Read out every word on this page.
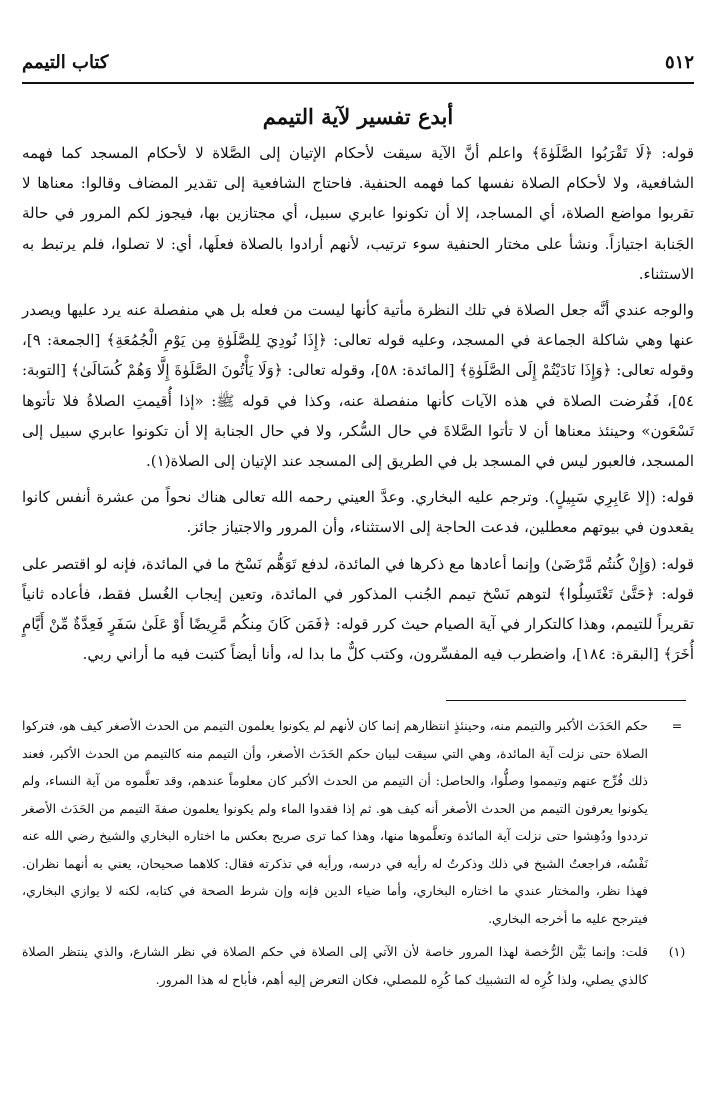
كتاب التيمم	٥١٢
أبدع تفسير لآية التيمم

قوله: ﴿لَا تَقْرَبُوا الصَّلَوٰةَ﴾ واعلم أنَّ الآية سيقت لأحكام الإتيان إلى الصَّلاة لا لأحكام المسجد كما فهمه الشافعية، ولا لأحكام الصلاة نفسها كما فهمه الحنفية. فاحتاج الشافعية إلى تقدير المضاف وقالوا: معناها لا تقربوا مواضع الصلاة، أي المساجد، إلا أن تكونوا عابري سبيل، أي مجتازين بها، فيجوز لكم المرور في حالة الجَنابة اجتيازاً. ونشأ على مختار الحنفية سوء ترتيب، لأنهم أرادوا بالصلاة فعلَها، أي: لا تصلوا، فلم يرتبط به الاستثناء.

والوجه عندي أنَّه جعل الصلاة في تلك النظرة مأتية كأنها ليست من فعله بل هي منفصلة عنه يرد عليها ويصدر عنها وهي شاكلة الجماعة في المسجد، وعليه قوله تعالى: ﴿إِذَا نُودِيَ لِلصَّلَوٰةِ مِن يَوْمِ الْجُمُعَةِ﴾ [الجمعة: ٩]، وقوله تعالى: ﴿وَإِذَا نَادَيْتُمْ إِلَى الصَّلَوٰةِ﴾ [المائدة: ٥٨]، وقوله تعالى: ﴿وَلَا يَأْتُونَ الصَّلَوٰةَ إِلَّا وَهُمْ كُسَالَىٰ﴾ [التوبة: ٥٤]، فَفُرضت الصلاة في هذه الآيات كأنها منفصلة عنه، وكذا في قوله ﷺ: «إذا أُقيمتِ الصلاةُ فلا تأتوها تَسْعَون» وحينئذ معناها أن لا تأتوا الصَّلاةَ في حال السُّكر، ولا في حال الجنابة إلا أن تكونوا عابري سبيل إلى المسجد، فالعبور ليس في المسجد بل في الطريق إلى المسجد عند الإتيان إلى الصلاة(١).

قوله: (إلا عَابِرِي سَبِيلٍ). وترجم عليه البخاري. وعدَّ العيني رحمه الله تعالى هناك نحواً من عشرة أنفس كانوا يقعدون في بيوتهم معطلين، فدعت الحاجة إلى الاستثناء، وأن المرور والاجتياز جائز.

قوله: (وَإِنْ كُنتُم مَّرْضَىٰ) وإنما أعادها مع ذكرها في المائدة، لدفع تَوَهُّم نَسْخ ما في المائدة، فإنه لو اقتصر على قوله: ﴿حَتَّىٰ تَغْتَسِلُوا﴾ لتوهم نَسْخ تيمم الجُنب المذكور في المائدة، وتعين إيجاب الغُسل فقط، فأعاده ثانياً تقريراً للتيمم، وهذا كالتكرار في آية الصيام حيث كرر قوله: ﴿فَمَن كَانَ مِنكُم مَّرِيضًا أَوْ عَلَىٰ سَفَرٍ فَعِدَّةٌ مِّنْ أَيَّامٍ أُخَرَ﴾ [البقرة: ١٨٤]، واضطرب فيه المفسِّرون، وكتب كلٌّ ما بدا له، وأنا أيضاً كتبت فيه ما أراني ربي.

=

حكم الحَدَث الأكبر والتيمم منه، وحينئذٍ انتظارهم إنما كان لأنهم لم يكونوا يعلمون التيمم من الحدث الأصغر كيف هو، فتركوا الصلاة حتى نزلت آية المائدة، وهي التي سيقت لبيان حكم الحَدَث الأصغر، وأن التيمم منه كالتيمم من الحدث الأكبر، فعند ذلك فُرِّج عنهم وتيمموا وصلُّوا، والحاصل: أن التيمم من الحدث الأكبر كان معلوماً عندهم، وقد تعلَّموه من آية النساء، ولم يكونوا يعرفون التيمم من الحدث الأصغر أنه كيف هو. ثم إذا فقدوا الماء ولم يكونوا يعلمون صفةَ التيمم من الحَدَث الأصغر ترددوا ودُهِشوا حتى نزلت آية المائدة وتعلَّموها منها، وهذا كما ترى صريح بعكس ما اختاره البخاري والشيخ رضي الله عنه نَفْسُه، فراجعتُ الشيخ في ذلك وذكرتُ له رأيه في درسه، ورأيه في تذكرته فقال: كلاهما صحيحان، يعني به أنهما نظران. فهذا نظر، والمختار عندي ما اختاره البخاري، وأما ضياء الدين فإنه وإن شرط الصحة في كتابه، لكنه لا يوازي البخاري، فيترجح عليه ما أخرجه البخاري.

(١)

قلت: وإنما بَيَّن الرُّخصة لهذا المرور خاصة لأن الآتي إلى الصلاة في حكم الصلاة في نظر الشارع، والذي ينتظر الصلاة كالذي يصلي، ولذا كُرِه له التشبيك كما كُرِه للمصلي، فكان التعرض إليه أهم، فأباح له هذا المرور.
